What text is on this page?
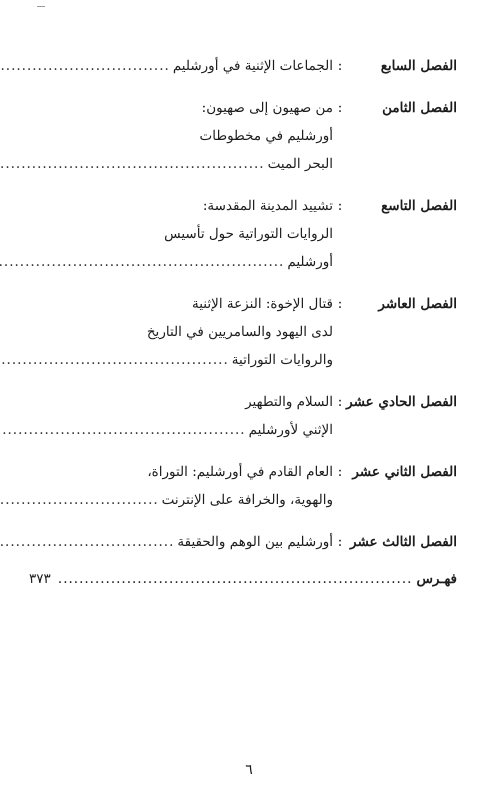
الفصل السابع
:
الجماعات الإثنية في أورشليم
.....
الفصل الثامن
:
من صهيون إلى صهيون:
أورشليم في مخطوطات
البحر الميت
.....
الفصل التاسع
:
تشييد المدينة المقدسة:
الروايات التوراتية حول تأسيس
أورشليم
.....
الفصل العاشر
:
قتال الإخوة: النزعة الإثنية
لدى اليهود والسامريين في التاريخ
والروايات التوراتية
.....
الفصل الحادي عشر
:
السلام والتطهير
الإثني لأورشليم
.....
الفصل الثاني عشر
:
العام القادم في أورشليم: التوراة،
والهوية، والخرافة على الإنترنت
.....
الفصل الثالث عشر
:
أورشليم بين الوهم والحقيقة
.....
فهـرس
.....
٣٧٣
٦
